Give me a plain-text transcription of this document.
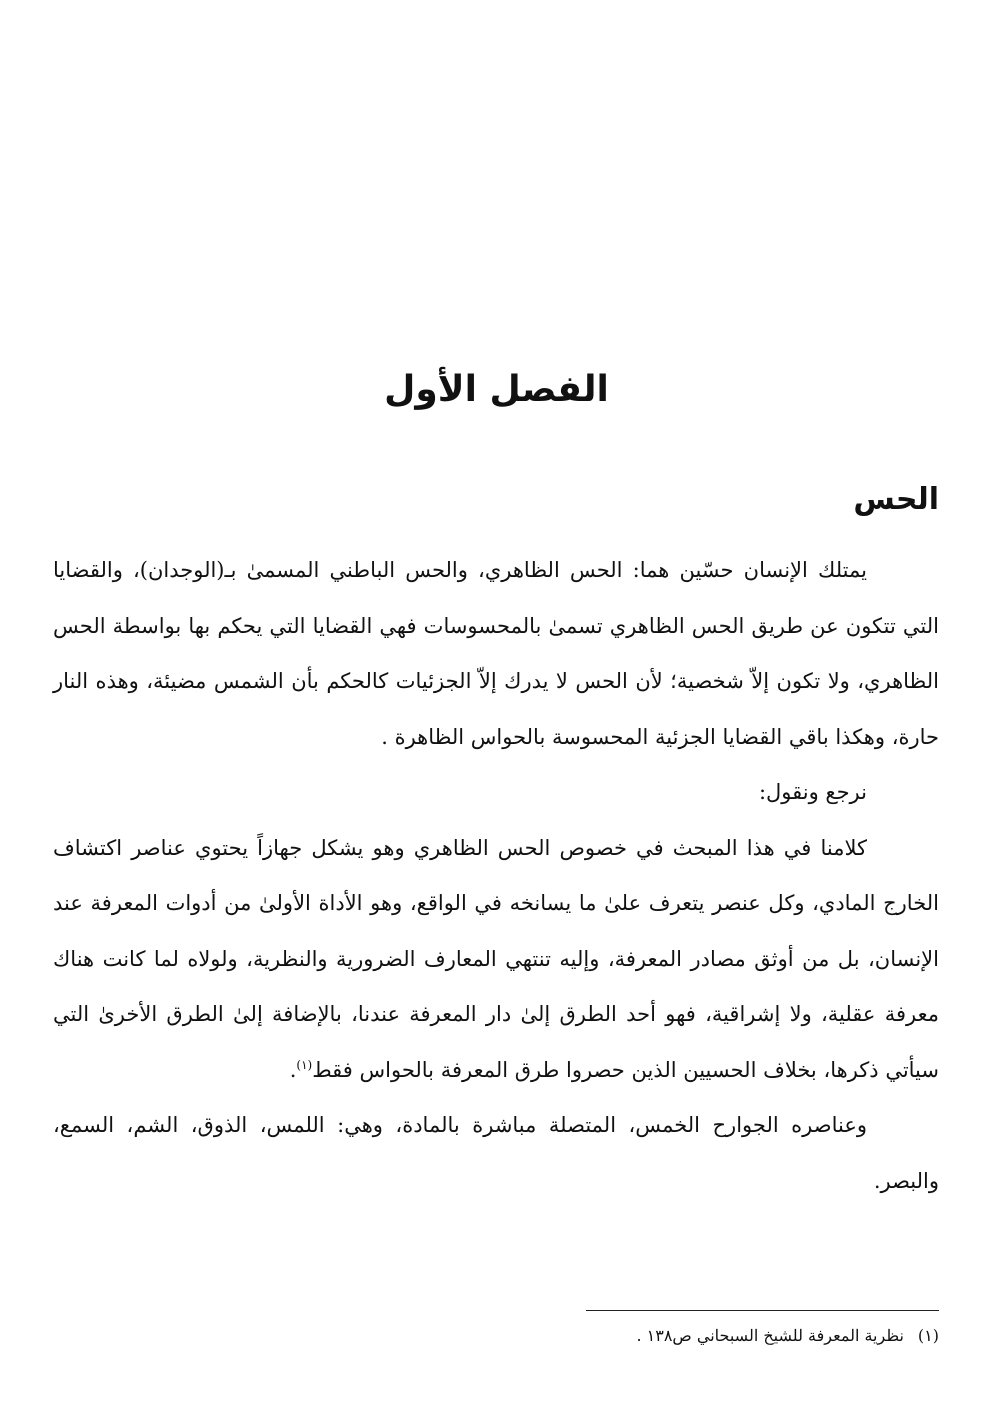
الفصل الأول
الحس

يمتلك الإنسان حسّين هما: الحس الظاهري، والحس الباطني المسمىٰ بـ(الوجدان)، والقضايا التي تتكون عن طريق الحس الظاهري تسمىٰ بالمحسوسات فهي القضايا التي يحكم بها بواسطة الحس الظاهري، ولا تكون إلاّ شخصية؛ لأن الحس لا يدرك إلاّ الجزئيات كالحكم بأن الشمس مضيئة، وهذه النار حارة، وهكذا باقي القضايا الجزئية المحسوسة بالحواس الظاهرة .

نرجع ونقول:

كلامنا في هذا المبحث في خصوص الحس الظاهري وهو يشكل جهازاً يحتوي عناصر اكتشاف الخارج المادي، وكل عنصر يتعرف علىٰ ما يسانخه في الواقع، وهو الأداة الأولىٰ من أدوات المعرفة عند الإنسان، بل من أوثق مصادر المعرفة، وإليه تنتهي المعارف الضرورية والنظرية، ولولاه لما كانت هناك معرفة عقلية، ولا إشراقية، فهو أحد الطرق إلىٰ دار المعرفة عندنا، بالإضافة إلىٰ الطرق الأخرىٰ التي سيأتي ذكرها، بخلاف الحسيين الذين حصروا طرق المعرفة بالحواس فقط$^{(١)}$.

وعناصره الجوارح الخمس، المتصلة مباشرة بالمادة، وهي: اللمس، الذوق، الشم، السمع، والبصر.

(١)نظرية المعرفة للشيخ السبحاني ص١٣٨ .
